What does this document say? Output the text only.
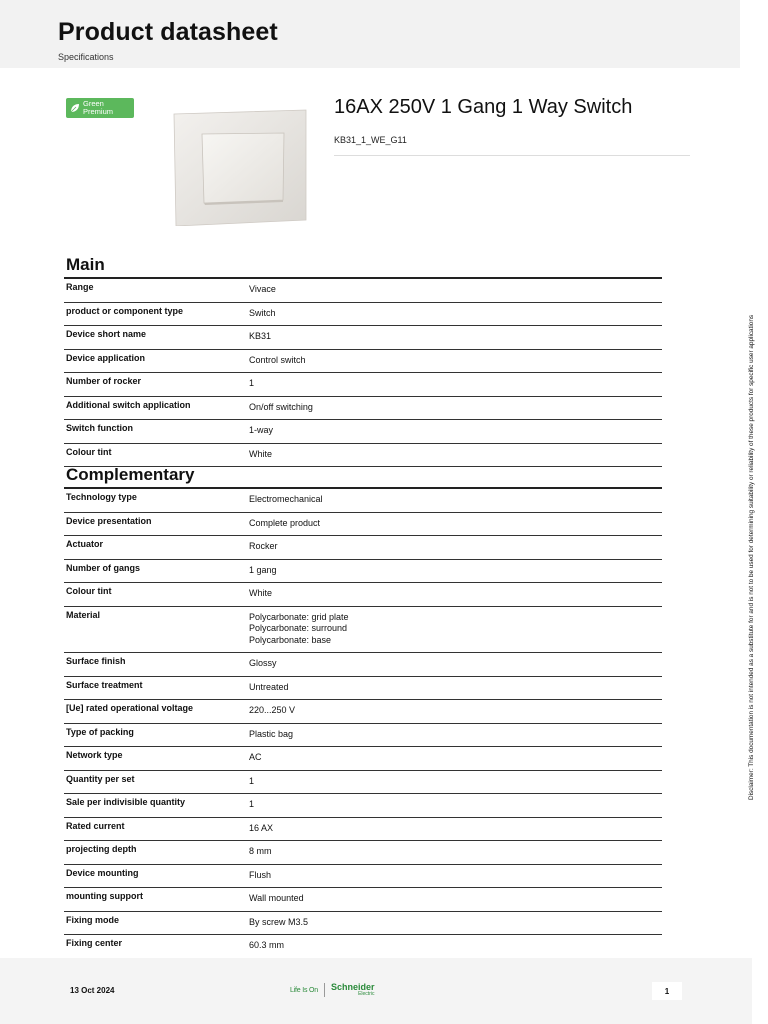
Product datasheet
Specifications
Green
Premium	16AX 250V 1 Gang 1 Way Switch
KB31_1_WE_G11
Main
Range	Vivace
product or component type	Switch
Device short name	KB31
Device application	Control switch
Number of rocker	1
Additional switch application	On/off switching
Switch function	1-way
Colour tint	White
Complementary
Technology type	Electromechanical
Device presentation	Complete product
Actuator	Rocker
Number of gangs	1 gang
Colour tint	White
Material	Polycarbonate: grid plate
Polycarbonate: surround
Polycarbonate: base
Surface finish	Glossy
Surface treatment	Untreated
[Ue] rated operational voltage	220...250 V
Type of packing	Plastic bag
Network type	AC
Quantity per set	1
Sale per indivisible quantity	1
Rated current	16 AX
projecting depth	8 mm
Device mounting	Flush
mounting support	Wall mounted
Fixing mode	By screw M3.5
Fixing center	60.3 mm
Disclaimer: This documentation is not intended as a substitute for and is not to be used for determining suitability or reliability of these products for specific user applications
13 Oct 2024	Life Is On Schneider
Electric	1
